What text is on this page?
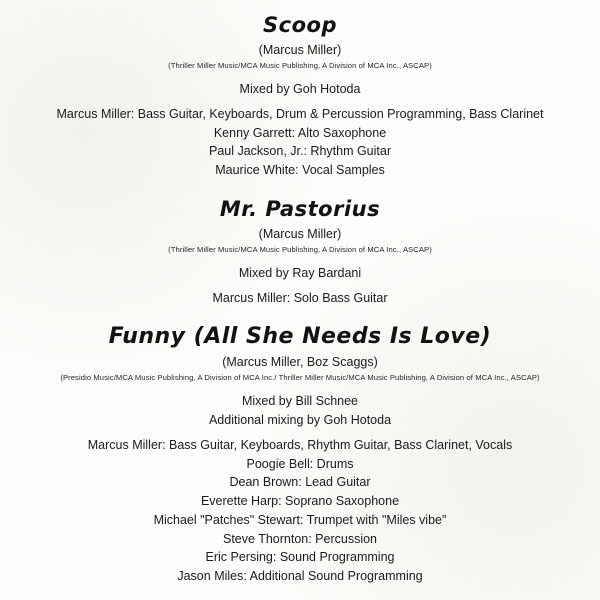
Scoop
(Marcus Miller)
(Thriller Miller Music/MCA Music Publishing, A Division of MCA Inc., ASCAP)
Mixed by Goh Hotoda
Marcus Miller: Bass Guitar, Keyboards, Drum & Percussion Programming, Bass Clarinet
Kenny Garrett: Alto Saxophone
Paul Jackson, Jr.: Rhythm Guitar
Maurice White: Vocal Samples
Mr. Pastorius
(Marcus Miller)
(Thriller Miller Music/MCA Music Publishing, A Division of MCA Inc., ASCAP)
Mixed by Ray Bardani
Marcus Miller: Solo Bass Guitar
Funny (All She Needs Is Love)
(Marcus Miller, Boz Scaggs)
(Presidio Music/MCA Music Publishing, A Division of MCA Inc./ Thriller Miller Music/MCA Music Publishing, A Division of MCA Inc., ASCAP)
Mixed by Bill Schnee
Additional mixing by Goh Hotoda
Marcus Miller: Bass Guitar, Keyboards, Rhythm Guitar, Bass Clarinet, Vocals
Poogie Bell: Drums
Dean Brown: Lead Guitar
Everette Harp: Soprano Saxophone
Michael "Patches" Stewart: Trumpet with "Miles vibe"
Steve Thornton: Percussion
Eric Persing: Sound Programming
Jason Miles: Additional Sound Programming
